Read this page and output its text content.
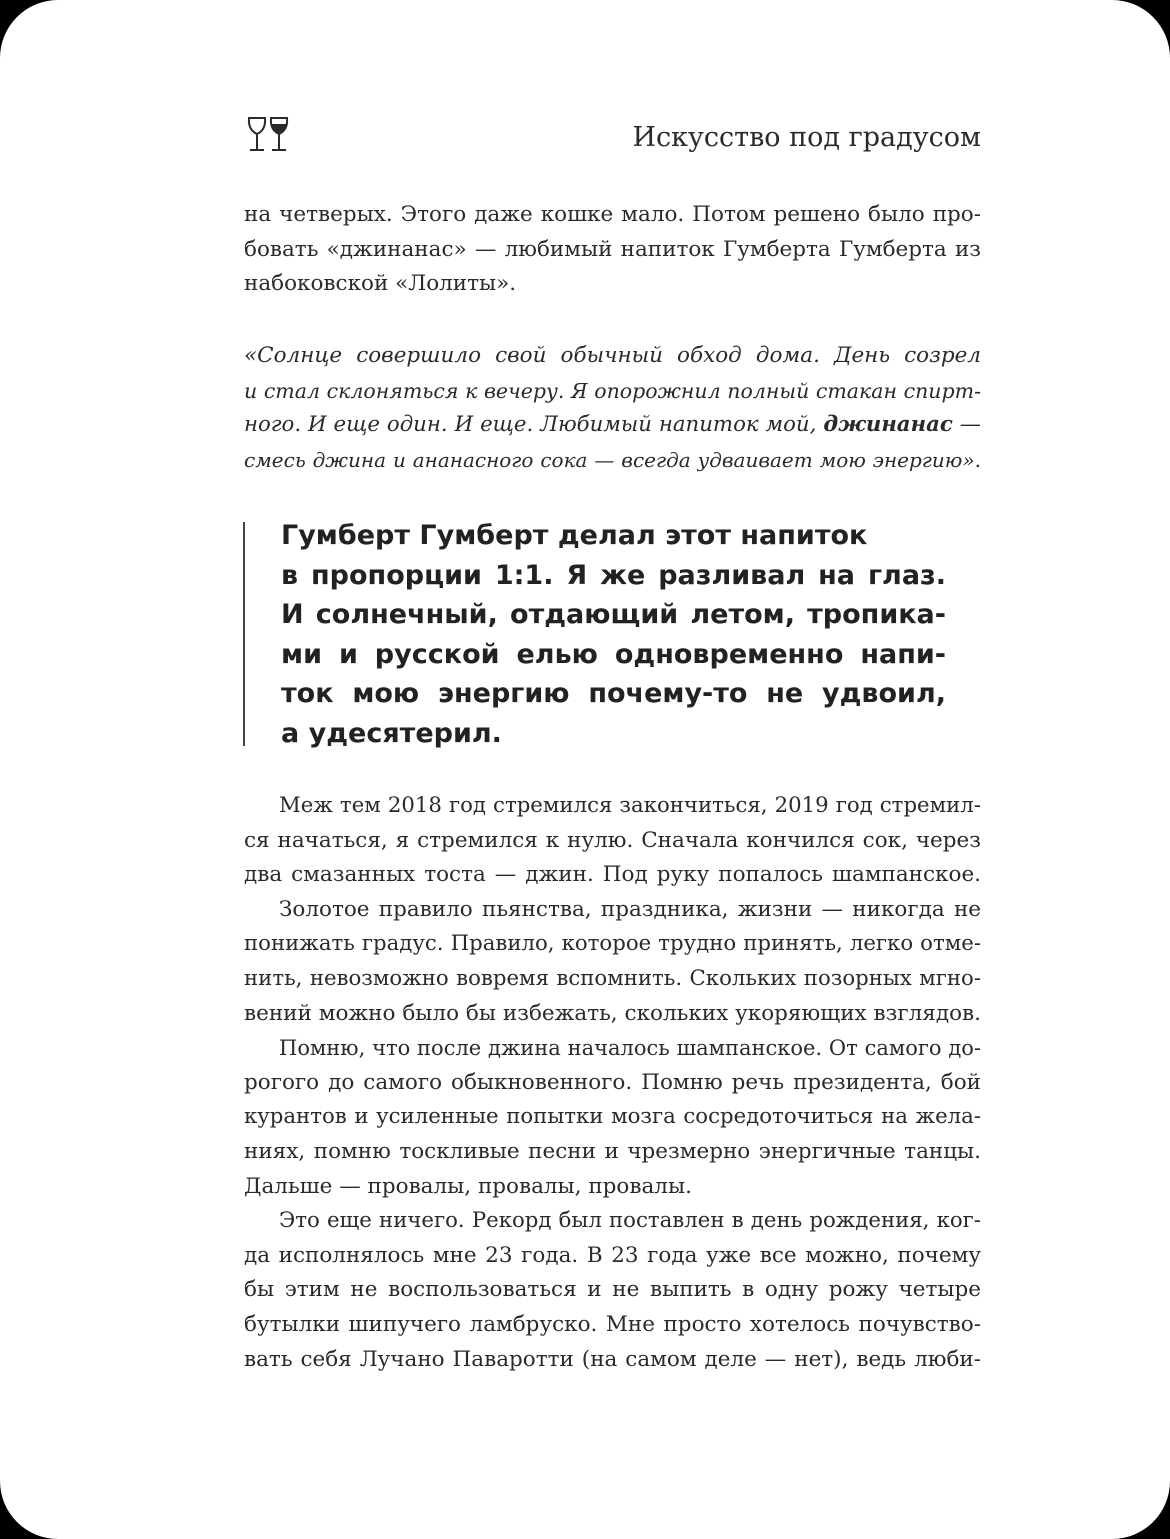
Искусство под градусом
на четверых. Этого даже кошке мало. Потом решено было про-
бовать «джинанас» — любимый напиток Гумберта Гумберта из
набоковской «Лолиты».
«Солнце совершило свой обычный обход дома. День созрел
и стал склоняться к вечеру. Я опорожнил полный стакан спирт-
ного. И еще один. И еще. Любимый напиток мой, джинанас —
смесь джина и ананасного сока — всегда удваивает мою энергию».
Гумберт Гумберт делал этот напиток
в пропорции 1:1. Я же разливал на глаз.
И солнечный, отдающий летом, тропика-
ми и русской елью одновременно напи-
ток мою энергию почему-то не удвоил,
а удесятерил.
Меж тем 2018 год стремился закончиться, 2019 год стремил-
ся начаться, я стремился к нулю. Сначала кончился сок, через
два смазанных тоста — джин. Под руку попалось шампанское.
Золотое правило пьянства, праздника, жизни — никогда не
понижать градус. Правило, которое трудно принять, легко отме-
нить, невозможно вовремя вспомнить. Скольких позорных мгно-
вений можно было бы избежать, скольких укоряющих взглядов.
Помню, что после джина началось шампанское. От самого до-
рогого до самого обыкновенного. Помню речь президента, бой
курантов и усиленные попытки мозга сосредоточиться на жела-
ниях, помню тоскливые песни и чрезмерно энергичные танцы.
Дальше — провалы, провалы, провалы.
Это еще ничего. Рекорд был поставлен в день рождения, ког-
да исполнялось мне 23 года. В 23 года уже все можно, почему
бы этим не воспользоваться и не выпить в одну рожу четыре
бутылки шипучего ламбруско. Мне просто хотелось почувство-
вать себя Лучано Паваротти (на самом деле — нет), ведь люби-
